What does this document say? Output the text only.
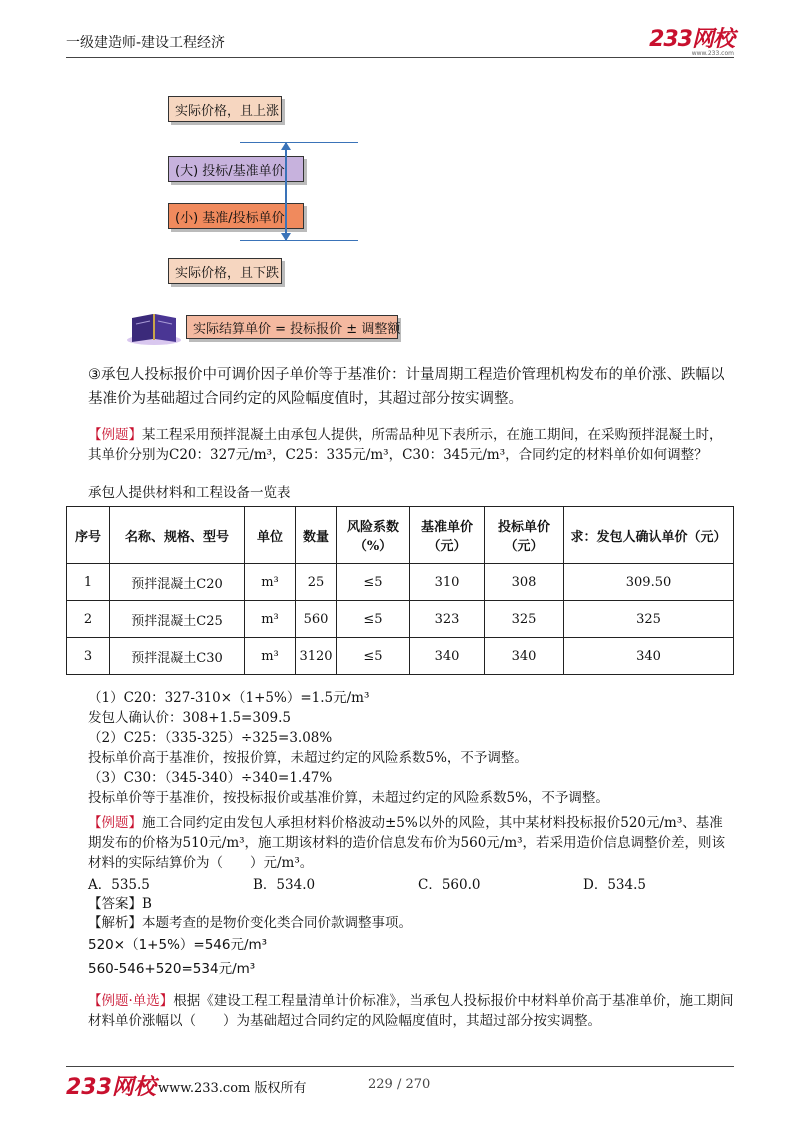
一级建造师-建设工程经济	233网校
www.233.com
实际价格，且上涨
(大) 投标/基准单价
(小) 基准/投标单价
实际价格，且下跌
实际结算单价 = 投标报价 ± 调整额
③承包人投标报价中可调价因子单价等于基准价：计量周期工程造价管理机构发布的单价涨、跌幅以基准价为基础超过合同约定的风险幅度值时，其超过部分按实调整。
【例题】某工程采用预拌混凝土由承包人提供，所需品种见下表所示，在施工期间，在采购预拌混凝土时，其单价分别为C20：327元/m³，C25：335元/m³，C30：345元/m³，合同约定的材料单价如何调整？
承包人提供材料和工程设备一览表
序号	名称、规格、型号	单位	数量	风险系数（%）	基准单价（元）	投标单价（元）	求：发包人确认单价（元）
1	预拌混凝土C20	m³	25	≤5	310	308	309.50
2	预拌混凝土C25	m³	560	≤5	323	325	325
3	预拌混凝土C30	m³	3120	≤5	340	340	340
（1）C20：327-310×（1+5%）=1.5元/m³
发包人确认价：308+1.5=309.5
（2）C25：（335-325）÷325=3.08%
投标单价高于基准价，按报价算，未超过约定的风险系数5%，不予调整。
（3）C30：（345-340）÷340=1.47%
投标单价等于基准价，按投标报价或基准价算，未超过约定的风险系数5%，不予调整。
【例题】施工合同约定由发包人承担材料价格波动±5%以外的风险，其中某材料投标报价520元/m³、基准期发布的价格为510元/m³，施工期该材料的造价信息发布价为560元/m³，若采用造价信息调整价差，则该材料的实际结算价为（　　）元/m³。
A．535.5	B．534.0	C．560.0	D．534.5
【答案】B
【解析】本题考查的是物价变化类合同价款调整事项。
520×（1+5%）=546元/m³
560-546+520=534元/m³
【例题·单选】根据《建设工程工程量清单计价标准》，当承包人投标报价中材料单价高于基准单价，施工期间材料单价涨幅以（　　）为基础超过合同约定的风险幅度值时，其超过部分按实调整。
233网校 www.233.com 版权所有	229 / 270
